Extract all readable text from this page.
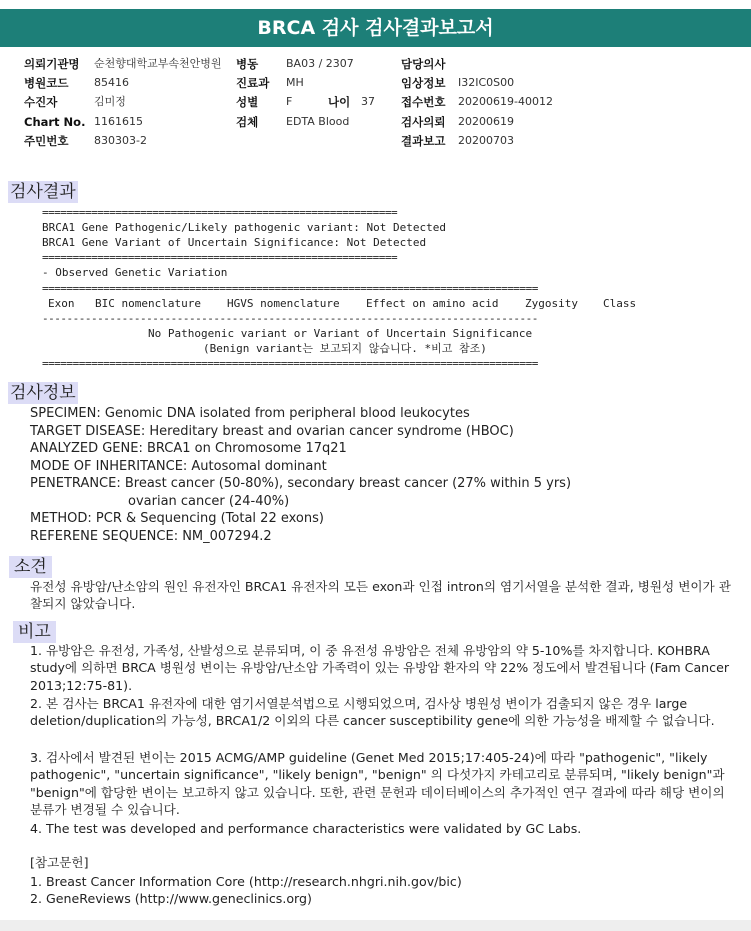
BRCA 검사 검사결과보고서
의뢰기관명 순천향대학교부속천안병원 병동	BA03 / 2307	담당의사
병원코드 85416	진료과 MH	임상정보 I32IC0S00
수진자	김미정	성별	F	나이 37 접수번호 20200619-40012
Chart No. 1161615	검체	EDTA Blood	검사의뢰 20200619
주민번호 830303-2	결과보고 20200703
검사결과
==========================================================
BRCA1 Gene Pathogenic/Likely pathogenic variant: Not Detected
BRCA1 Gene Variant of Uncertain Significance: Not Detected
==========================================================
- Observed Genetic Variation
=================================================================================
Exon BIC nomenclature HGVS nomenclature Effect on amino acid Zygosity Class
---------------------------------------------------------------------------------
No Pathogenic variant or Variant of Uncertain Significance
(Benign variant는 보고되지 않습니다. *비고 참조)
=================================================================================
검사정보
SPECIMEN: Genomic DNA isolated from peripheral blood leukocytes
TARGET DISEASE: Hereditary breast and ovarian cancer syndrome (HBOC)
ANALYZED GENE: BRCA1 on Chromosome 17q21
MODE OF INHERITANCE: Autosomal dominant
PENETRANCE: Breast cancer (50-80%), secondary breast cancer (27% within 5 yrs)
ovarian cancer (24-40%)
METHOD: PCR & Sequencing (Total 22 exons)
REFERENE SEQUENCE: NM_007294.2
소견
유전성 유방암/난소암의 원인 유전자인 BRCA1 유전자의 모든 exon과 인접 intron의 염기서열을 분석한 결과, 병원성 변이가 관찰되지 않았습니다.
비고
1. 유방암은 유전성, 가족성, 산발성으로 분류되며, 이 중 유전성 유방암은 전체 유방암의 약 5-10%를 차지합니다. KOHBRA study에 의하면 BRCA 병원성 변이는 유방암/난소암 가족력이 있는 유방암 환자의 약 22% 정도에서 발견됩니다 (Fam Cancer 2013;12:75-81).
2. 본 검사는 BRCA1 유전자에 대한 염기서열분석법으로 시행되었으며, 검사상 병원성 변이가 검출되지 않은 경우 large deletion/duplication의 가능성, BRCA1/2 이외의 다른 cancer susceptibility gene에 의한 가능성을 배제할 수 없습니다.
3. 검사에서 발견된 변이는 2015 ACMG/AMP guideline (Genet Med 2015;17:405-24)에 따라 "pathogenic", "likely pathogenic", "uncertain significance", "likely benign", "benign" 의 다섯가지 카테고리로 분류되며, "likely benign"과 "benign"에 합당한 변이는 보고하지 않고 있습니다. 또한, 관련 문헌과 데이터베이스의 추가적인 연구 결과에 따라 해당 변이의 분류가 변경될 수 있습니다.
4. The test was developed and performance characteristics were validated by GC Labs.
[참고문헌]
1. Breast Cancer Information Core (http://research.nhgri.nih.gov/bic)
2. GeneReviews (http://www.geneclinics.org)
